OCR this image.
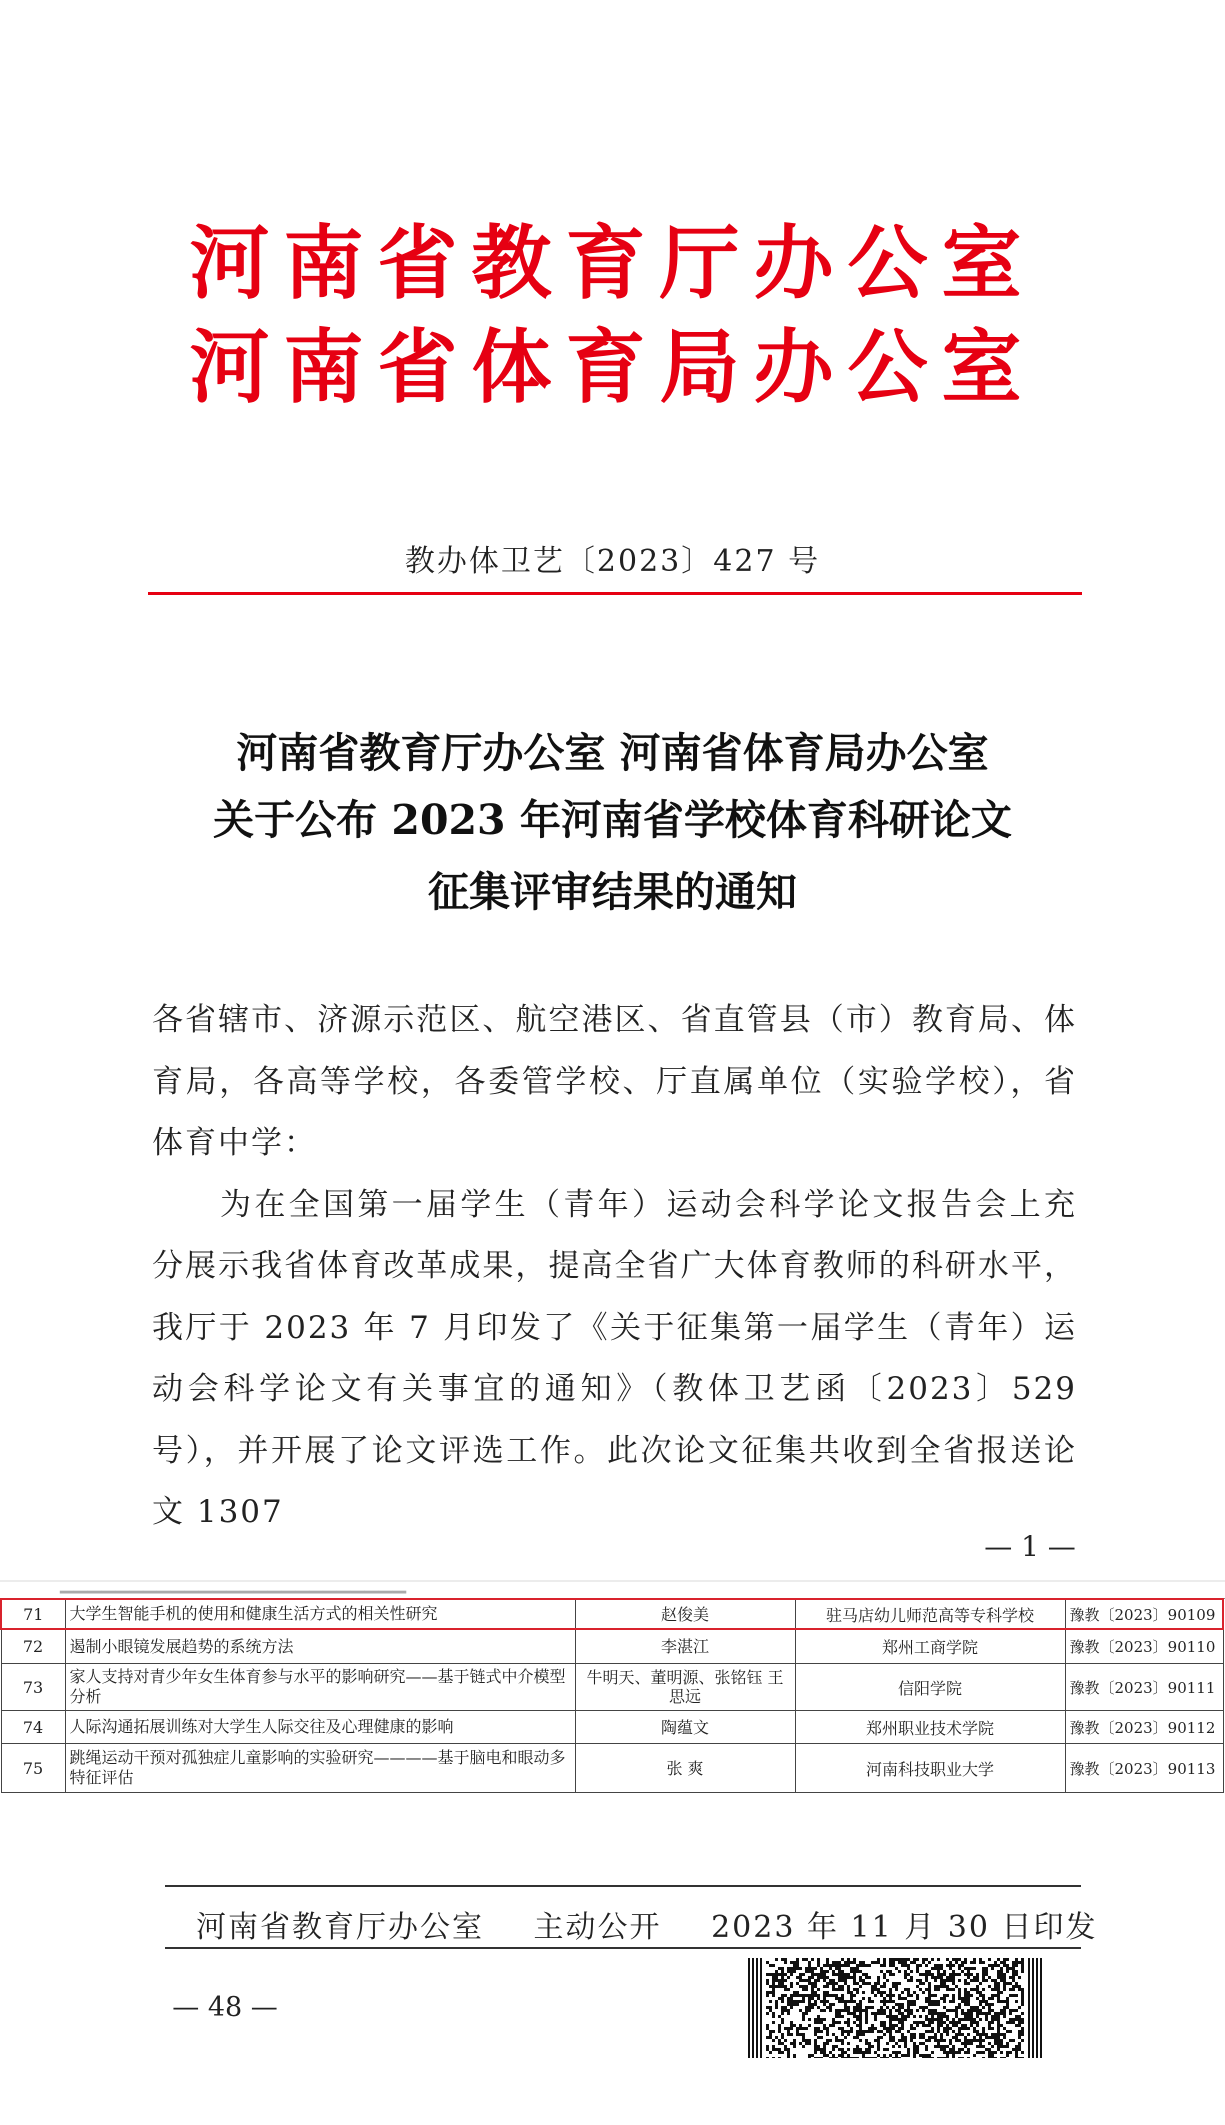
河南省教育厅办公室
河南省体育局办公室
教办体卫艺〔2023〕427 号
河南省教育厅办公室 河南省体育局办公室
关于公布 2023 年河南省学校体育科研论文
征集评审结果的通知

各省辖市、济源示范区、航空港区、省直管县（市）教育局、体育局，各高等学校，各委管学校、厅直属单位（实验学校），省体育中学：

为在全国第一届学生（青年）运动会科学论文报告会上充分展示我省体育改革成果，提高全省广大体育教师的科研水平，我厅于 2023 年 7 月印发了《关于征集第一届学生（青年）运动会科学论文有关事宜的通知》（教体卫艺函〔2023〕529 号），并开展了论文评选工作。此次论文征集共收到全省报送论文 1307

— 1 —
▁▁▁▁▁▁▁▁▁▁▁▁▁▁▁▁▁▁▁▁▁▁▁▁▁
71	大学生智能手机的使用和健康生活方式的相关性研究	赵俊美	驻马店幼儿师范高等专科学校	豫教〔2023〕90109
72	遏制小眼镜发展趋势的系统方法	李湛江	郑州工商学院	豫教〔2023〕90110
73	家人支持对青少年女生体育参与水平的影响研究——基于链式中介模型分析	牛明天、董明源、张铭钰 王思远	信阳学院	豫教〔2023〕90111
74	人际沟通拓展训练对大学生人际交往及心理健康的影响	陶蕴文	郑州职业技术学院	豫教〔2023〕90112
75	跳绳运动干预对孤独症儿童影响的实验研究————基于脑电和眼动多特征评估	张 爽	河南科技职业大学	豫教〔2023〕90113
河南省教育厅办公室 主动公开 2023 年 11 月 30 日印发
— 48 —
